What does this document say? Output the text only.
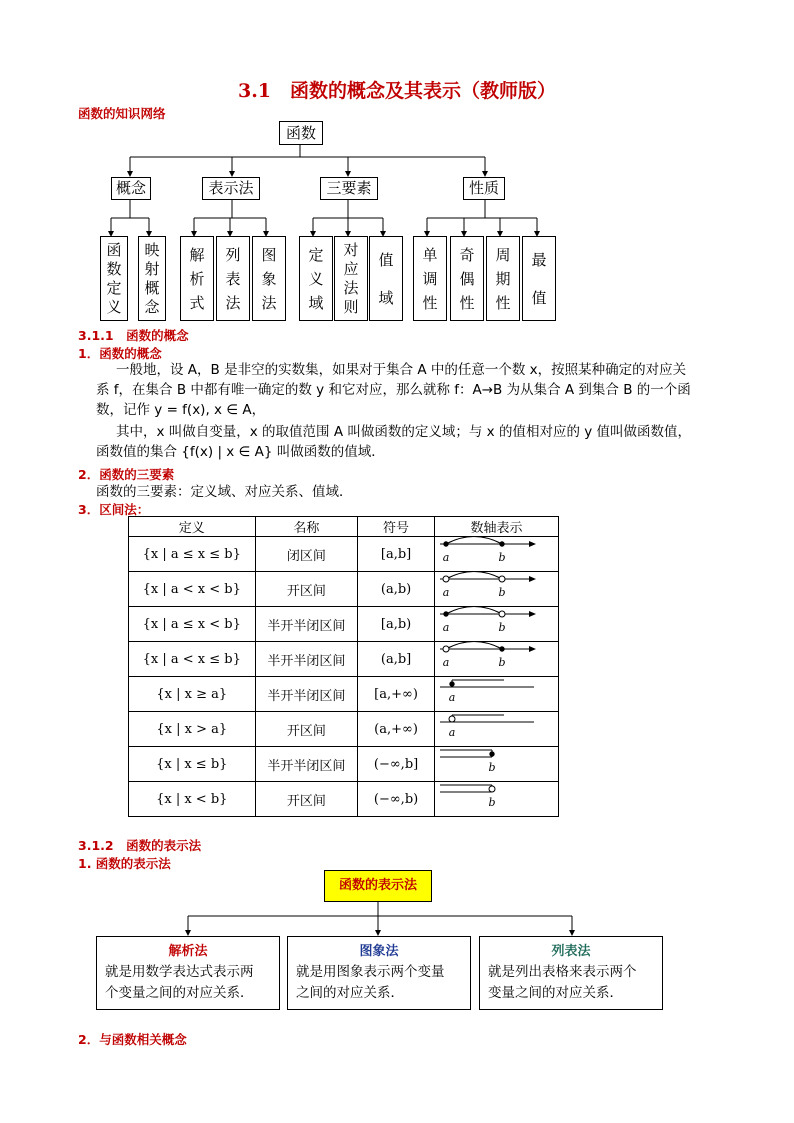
3.1　函数的概念及其表示（教师版）
函数的知识网络
函数
概念	表示法	三要素	性质
函数定义
映射概念
解析式
列表法
图象法
定义域
对应法则
值域
单调性
奇偶性
周期性
最值
3.1.1　函数的概念
1．函数的概念
一般地，设 A，B 是非空的实数集，如果对于集合 A 中的任意一个数 x，按照某种确定的对应关
系 f，在集合 B 中都有唯一确定的数 y 和它对应，那么就称 f：A→B 为从集合 A 到集合 B 的一个函
数，记作 y = f(x), x ∈ A，
其中，x 叫做自变量，x 的取值范围 A 叫做函数的定义域；与 x 的值相对应的 y 值叫做函数值，
函数值的集合 {f(x) | x ∈ A} 叫做函数的值域．
2．函数的三要素
函数的三要素：定义域、对应关系、值域．
3．区间法：
定义	名称	符号	数轴表示
{x | a ≤ x ≤ b}	闭区间	[a,b]	a b

{x | a < x < b}	开区间	(a,b)	a b

{x | a ≤ x < b}	半开半闭区间	[a,b)	a b

{x | a < x ≤ b}	半开半闭区间	(a,b]	a b

{x | x ≥ a}	半开半闭区间	[a,+∞)	a

{x | x > a}	开区间	(a,+∞)	a

{x | x ≤ b}	半开半闭区间	(−∞,b]	b

{x | x < b}	开区间	(−∞,b)	b
3.1.2　函数的表示法
1. 函数的表示法
函数的表示法
解析法
就是用数学表达式表示两
个变量之间的对应关系．
图象法
就是用图象表示两个变量
之间的对应关系．
列表法
就是列出表格来表示两个
变量之间的对应关系．
2．与函数相关概念
